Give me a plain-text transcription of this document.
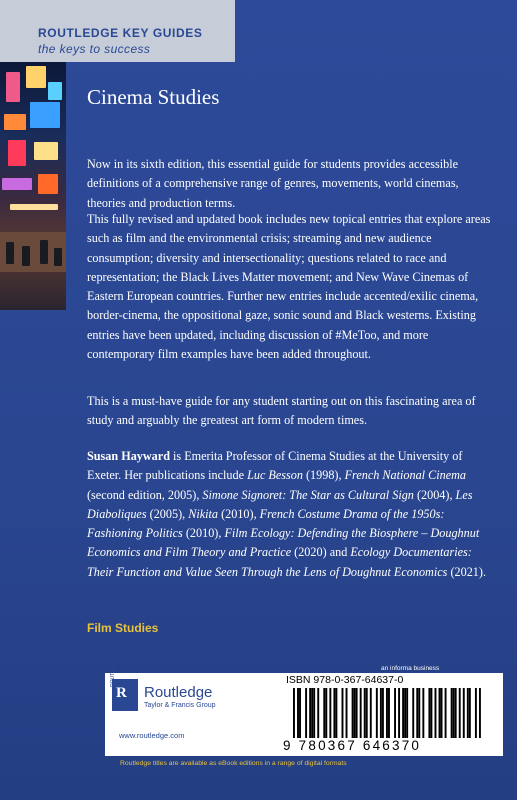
ROUTLEDGE KEY GUIDES
the keys to success
Cinema Studies

Now in its sixth edition, this essential guide for students provides accessible definitions of a comprehensive range of genres, movements, world cinemas, theories and production terms.

This fully revised and updated book includes new topical entries that explore areas such as film and the environmental crisis; streaming and new audience consumption; diversity and intersectionality; questions related to race and representation; the Black Lives Matter movement; and New Wave Cinemas of Eastern European countries. Further new entries include accented/exilic cinema, border-cinema, the oppositional gaze, sonic sound and Black westerns. Existing entries have been updated, including discussion of #MeToo, and more contemporary film examples have been added throughout.

This is a must-have guide for any student starting out on this fascinating area of study and arguably the greatest art form of modern times.

Susan Hayward is Emerita Professor of Cinema Studies at the University of Exeter. Her publications include Luc Besson (1998), French National Cinema (second edition, 2005), Simone Signoret: The Star as Cultural Sign (2004), Les Diaboliques (2005), Nikita (2010), French Costume Drama of the 1950s: Fashioning Politics (2010), Film Ecology: Defending the Biosphere – Doughnut Economics and Film Theory and Practice (2020) and Ecology Documentaries: Their Function and Value Seen Through the Lens of Doughnut Economics (2021).

Film Studies
an informa business
R
ROUTLEDGE
Routledge
Taylor & Francis Group
www.routledge.com
ISBN 978-0-367-64637-0
9 780367 646370
Routledge titles are available as eBook editions in a range of digital formats
